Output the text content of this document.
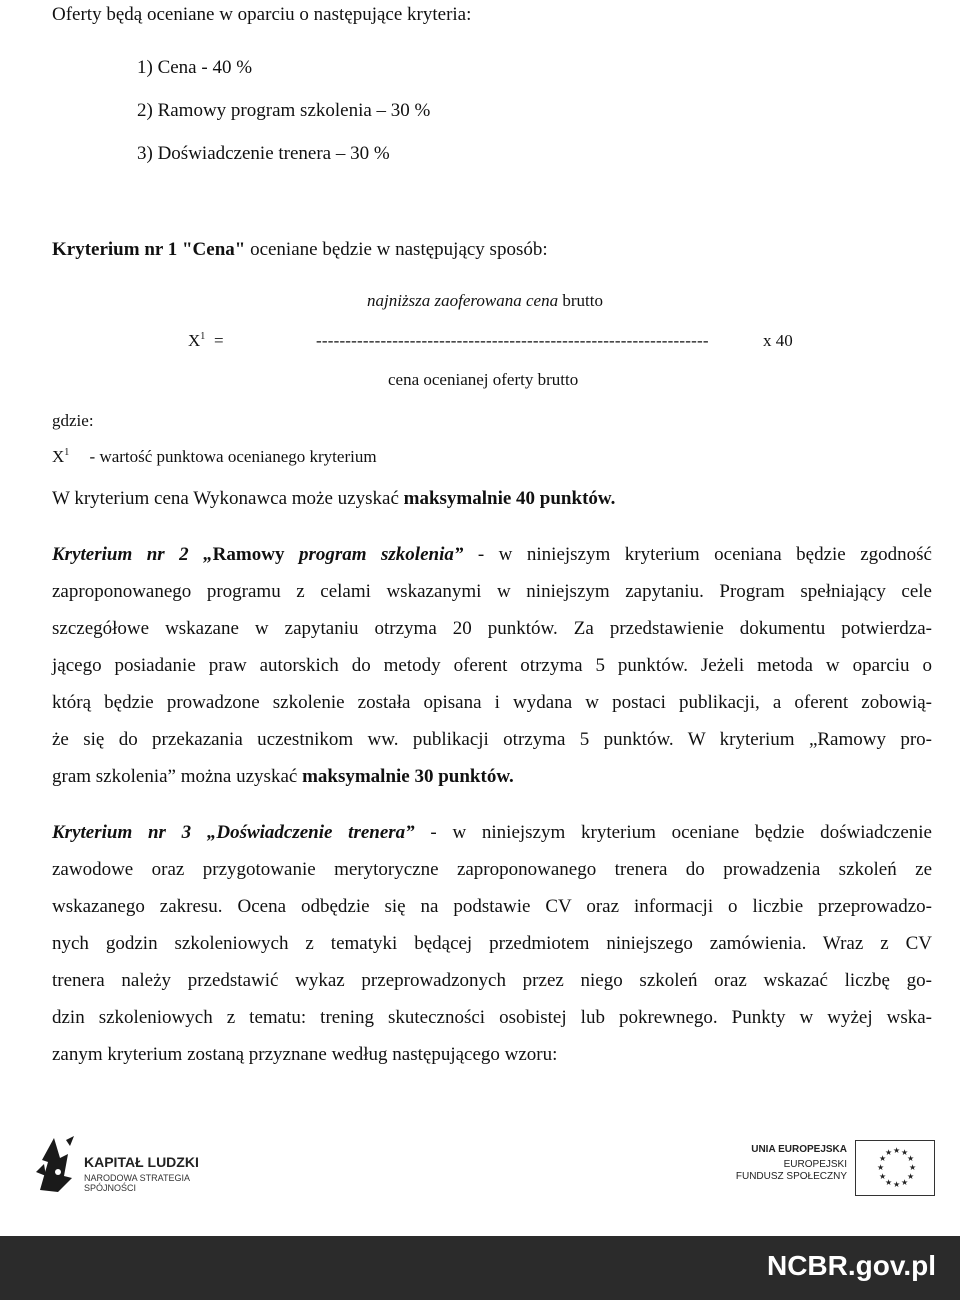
Oferty będą oceniane w oparciu o następujące kryteria:
1) Cena - 40 %
2) Ramowy program szkolenia – 30 %
3) Doświadczenie trenera – 30 %
Kryterium nr 1 "Cena" oceniane będzie w następujący sposób:
najniższa zaoferowana cena brutto
$X^1$ =	-------------------------------------------------------------------	x 40
cena ocenianej oferty brutto
gdzie:
$X^1$ - wartość punktowa ocenianego kryterium
W kryterium cena Wykonawca może uzyskać maksymalnie 40 punktów.
Kryterium nr 2 „Ramowy program szkolenia” - w niniejszym kryterium oceniana będzie zgodność
zaproponowanego programu z celami wskazanymi w niniejszym zapytaniu. Program spełniający cele
szczegółowe wskazane w zapytaniu otrzyma 20 punktów. Za przedstawienie dokumentu potwierdza-
jącego posiadanie praw autorskich do metody oferent otrzyma 5 punktów. Jeżeli metoda w oparciu o
którą będzie prowadzone szkolenie została opisana i wydana w postaci publikacji, a oferent zobowią-
że się do przekazania uczestnikom ww. publikacji otrzyma 5 punktów. W kryterium „Ramowy pro-
gram szkolenia” można uzyskać maksymalnie 30 punktów.
Kryterium nr 3 „Doświadczenie trenera” - w niniejszym kryterium oceniane będzie doświadczenie
zawodowe oraz przygotowanie merytoryczne zaproponowanego trenera do prowadzenia szkoleń ze
wskazanego zakresu. Ocena odbędzie się na podstawie CV oraz informacji o liczbie przeprowadzo-
nych godzin szkoleniowych z tematyki będącej przedmiotem niniejszego zamówienia. Wraz z CV
trenera należy przedstawić wykaz przeprowadzonych przez niego szkoleń oraz wskazać liczbę go-
dzin szkoleniowych z tematu: trening skuteczności osobistej lub pokrewnego. Punkty w wyżej wska-
zanym kryterium zostaną przyznane według następującego wzoru:
KAPITAŁ LUDZKI
NARODOWA STRATEGIA SPÓJNOŚCI
UNIA EUROPEJSKA
EUROPEJSKI
FUNDUSZ SPOŁECZNY
★ ★
★
★
★
★
★
★
★
★
★
★
NCBR.gov.pl
